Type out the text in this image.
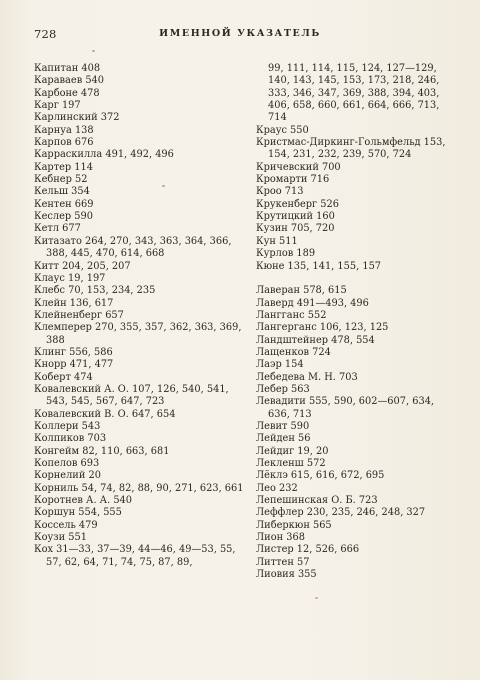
728	ИМЕННОЙ УКАЗАТЕЛЬ
Капитан 408
Караваев 540
Карбоне 478
Карг 197
Карлинский 372
Карнуа 138
Карпов 676
Карраскилла 491, 492, 496
Картер 114
Кебнер 52
Кельш 354
Кентен 669
Кеслер 590
Кетл 677
Китазато 264, 270, 343, 363, 364, 366, 388, 445, 470, 614, 668
Китт 204, 205, 207
Клаус 19, 197
Клебс 70, 153, 234, 235
Клейн 136, 617
Клейненберг 657
Клемперер 270, 355, 357, 362, 363, 369, 388
Клинг 556, 586
Кнорр 471, 477
Коберт 474
Ковалевский А. О. 107, 126, 540, 541, 543, 545, 567, 647, 723
Ковалевский В. О. 647, 654
Коллери 543
Колпиков 703
Конгейм 82, 110, 663, 681
Копелов 693
Корнелий 20
Корниль 54, 74, 82, 88, 90, 271, 623, 661
Коротнев А. А. 540
Коршун 554, 555
Коссель 479
Коузи 551
Кох 31—33, 37—39, 44—46, 49—53, 55, 57, 62, 64, 71, 74, 75, 87, 89,
99, 111, 114, 115, 124, 127—129, 140, 143, 145, 153, 173, 218, 246, 333, 346, 347, 369, 388, 394, 403, 406, 658, 660, 661, 664, 666, 713, 714
Краус 550
Кристмас-Диркинг-Гольмфельд 153, 154, 231, 232, 239, 570, 724
Кричевский 700
Кромарти 716
Кроо 713
Крукенберг 526
Крутицкий 160
Кузин 705, 720
Кун 511
Курлов 189
Кюне 135, 141, 155, 157
Лавеpан 578, 615
Лаверд 491—493, 496
Лангганс 552
Лангерганс 106, 123, 125
Ландштейнер 478, 554
Лащенков 724
Лаэр 154
Лебедева М. Н. 703
Лебер 563
Левадити 555, 590, 602—607, 634, 636, 713
Левит 590
Лейден 56
Лейдиг 19, 20
Лекленш 572
Лёклэ 615, 616, 672, 695
Лео 232
Лепешинская О. Б. 723
Леффлер 230, 235, 246, 248, 327
Либеркюн 565
Лион 368
Листер 12, 526, 666
Литтен 57
Лиовия 355
